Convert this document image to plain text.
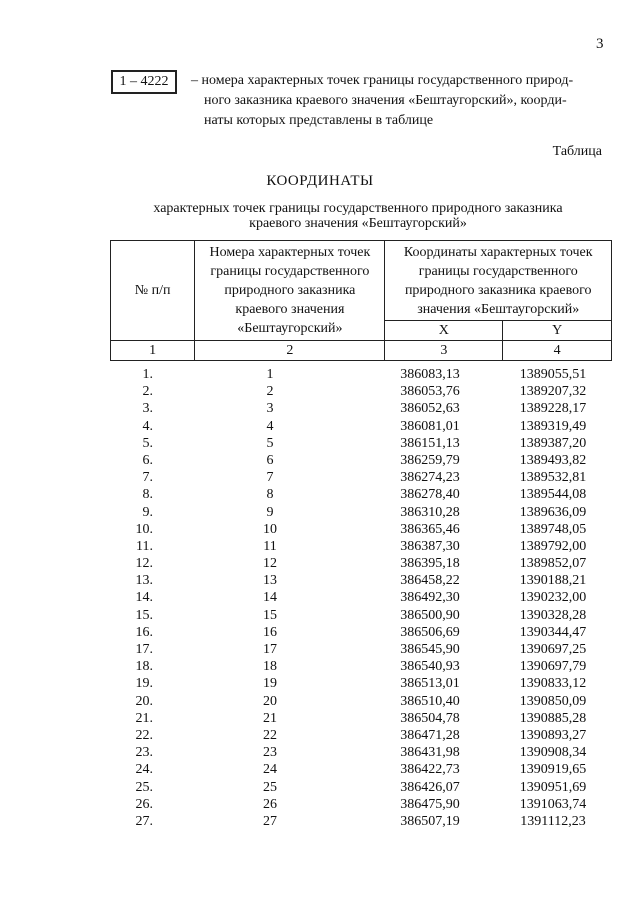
3
1 – 4222 – номера характерных точек границы государственного природ-
ного заказника краевого значения «Бештаугорский», коорди-
наты которых представлены в таблице
Таблица
КООРДИНАТЫ
характерных точек границы государственного природного заказника
краевого значения «Бештаугорский»
№ п/п	Номера характерных точек границы государственного природного заказника краевого значения «Бештаугорский»	Координаты характерных точек границы государственного природного заказника краевого значения «Бештаугорский»	
		X	Y
1	2	3	4
1.	1	386083,13	1389055,51
2.	2	386053,76	1389207,32
3.	3	386052,63	1389228,17
4.	4	386081,01	1389319,49
5.	5	386151,13	1389387,20
6.	6	386259,79	1389493,82
7.	7	386274,23	1389532,81
8.	8	386278,40	1389544,08
9.	9	386310,28	1389636,09
10.	10	386365,46	1389748,05
11.	11	386387,30	1389792,00
12.	12	386395,18	1389852,07
13.	13	386458,22	1390188,21
14.	14	386492,30	1390232,00
15.	15	386500,90	1390328,28
16.	16	386506,69	1390344,47
17.	17	386545,90	1390697,25
18.	18	386540,93	1390697,79
19.	19	386513,01	1390833,12
20.	20	386510,40	1390850,09
21.	21	386504,78	1390885,28
22.	22	386471,28	1390893,27
23.	23	386431,98	1390908,34
24.	24	386422,73	1390919,65
25.	25	386426,07	1390951,69
26.	26	386475,90	1391063,74
27.	27	386507,19	1391112,23
